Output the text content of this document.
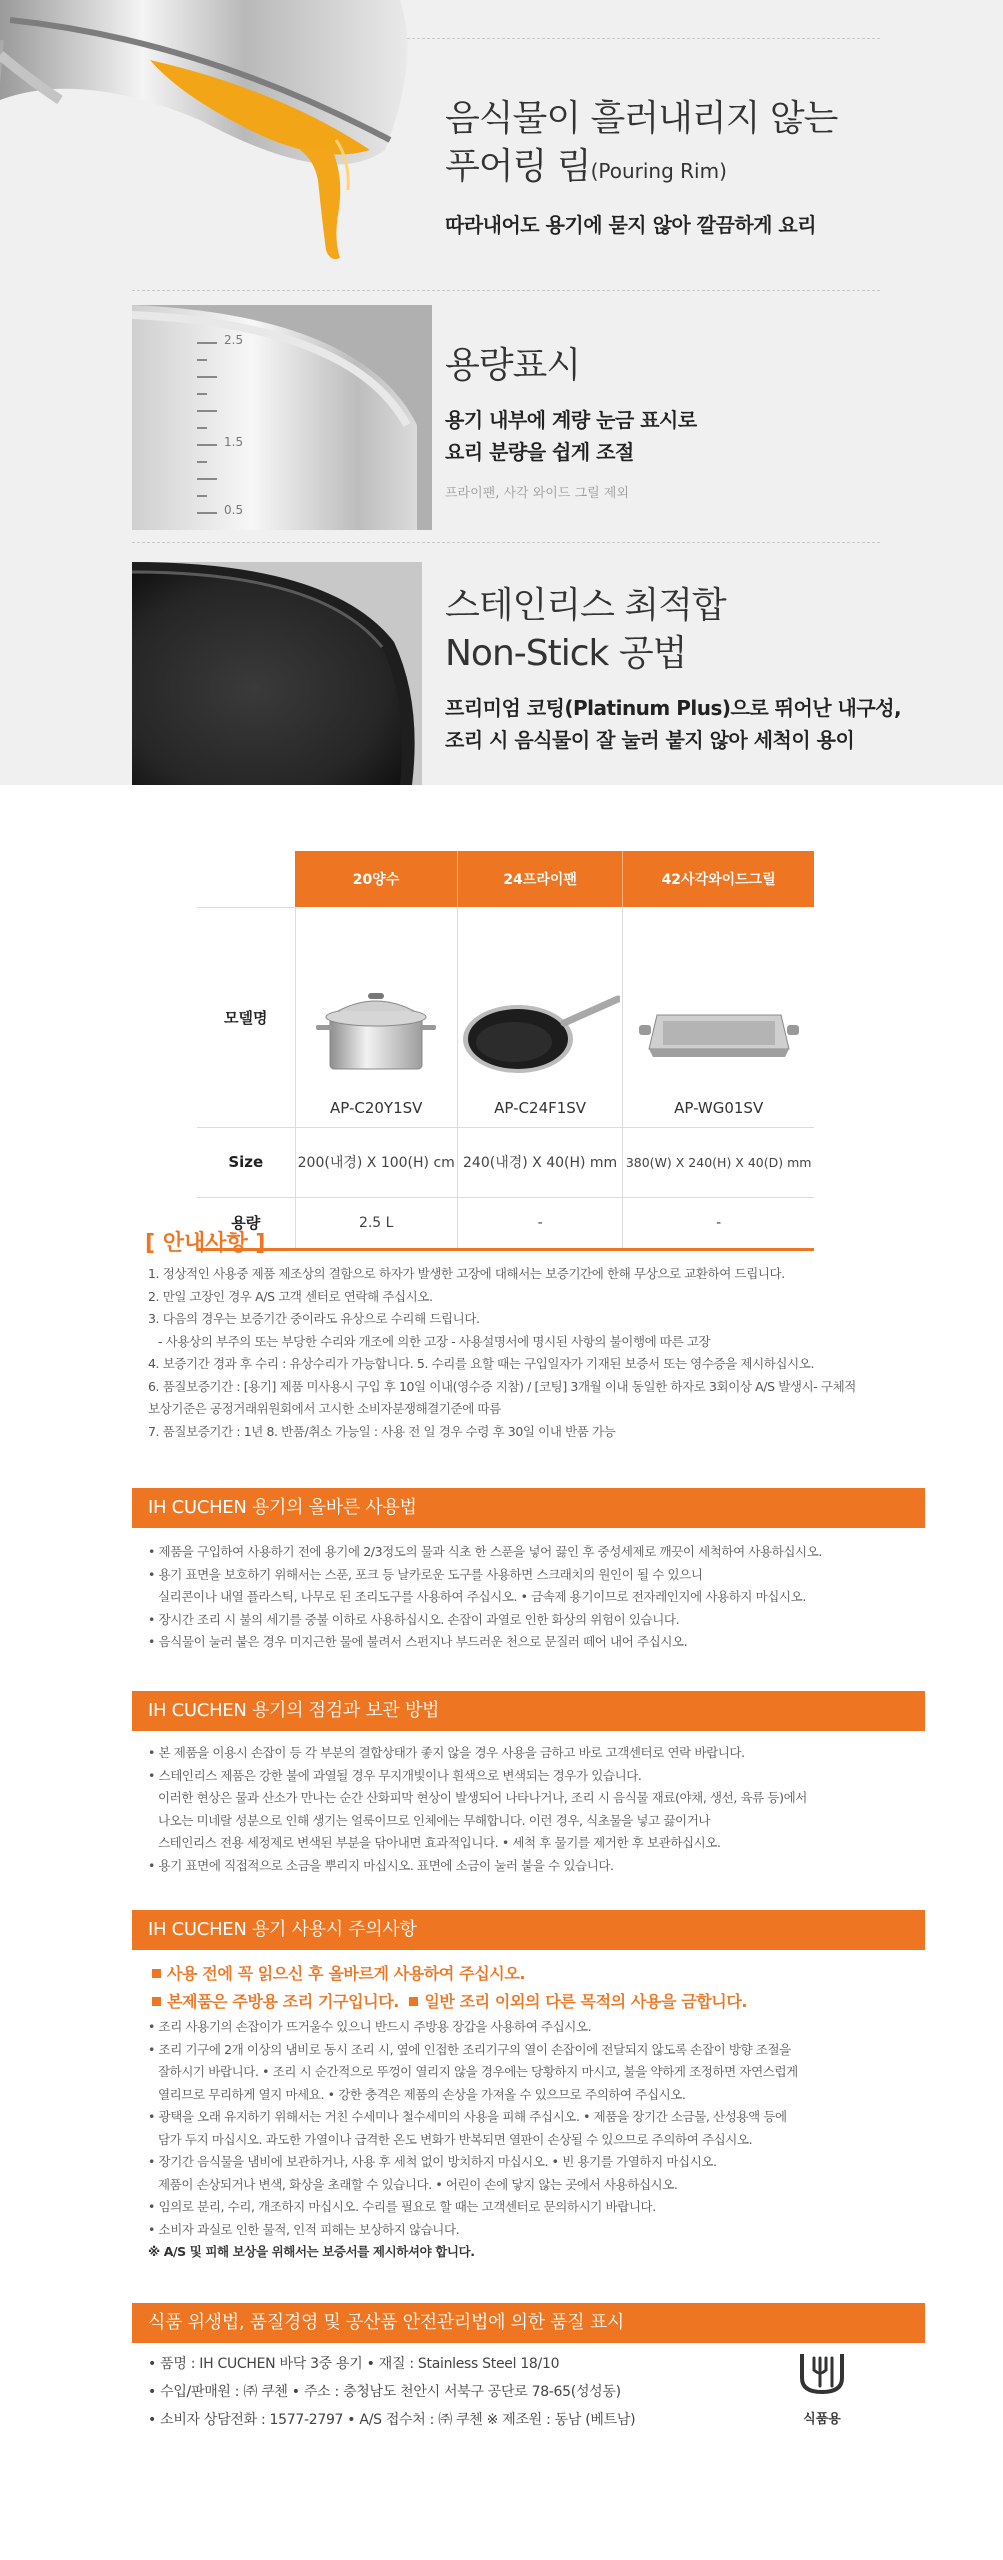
음식물이 흘러내리지 않는
푸어링 림(Pouring Rim)
따라내어도 용기에 묻지 않아 깔끔하게 요리
2.5
1.5
0.5
용량표시
용기 내부에 계량 눈금 표시로
요리 분량을 쉽게 조절
프라이팬, 사각 와이드 그릴 제외
스테인리스 최적합
Non-Stick 공법
프리미엄 코팅(Platinum Plus)으로 뛰어난 내구성,
조리 시 음식물이 잘 눌러 붙지 않아 세척이 용이
	20양수	24프라이팬	42사각와이드그릴
모델명	AP-C20Y1SV	AP-C24F1SV	AP-WG01SV

Size	200(내경) X 100(H) cm	240(내경) X 40(H) mm	380(W) X 240(H) X 40(D) mm
용량	2.5 L	-	-
[ 안내사항 ]
1. 정상적인 사용중 제품 제조상의 결함으로 하자가 발생한 고장에 대해서는 보증기간에 한해 무상으로 교환하여 드립니다.
2. 만일 고장인 경우 A/S 고객 센터로 연락해 주십시오.
3. 다음의 경우는 보증기간 중이라도 유상으로 수리해 드립니다.
- 사용상의 부주의 또는 부당한 수리와 개조에 의한 고장 - 사용설명서에 명시된 사항의 불이행에 따른 고장
4. 보증기간 경과 후 수리 : 유상수리가 가능합니다. 5. 수리를 요할 때는 구입일자가 기재된 보증서 또는 영수증을 제시하십시오.
6. 품질보증기간 : [용기] 제품 미사용시 구입 후 10일 이내(영수증 지참) / [코팅] 3개월 이내 동일한 하자로 3회이상 A/S 발생시- 구체적
보상기준은 공정거래위원회에서 고시한 소비자분쟁해결기준에 따름
7. 품질보증기간 : 1년 8. 반품/취소 가능일 : 사용 전 일 경우 수령 후 30일 이내 반품 가능
IH CUCHEN 용기의 올바른 사용법
• 제품을 구입하여 사용하기 전에 용기에 2/3정도의 물과 식초 한 스푼을 넣어 끓인 후 중성세제로 깨끗이 세척하여 사용하십시오.
• 용기 표면을 보호하기 위해서는 스푼, 포크 등 날카로운 도구를 사용하면 스크래치의 원인이 될 수 있으니
실리콘이나 내열 플라스틱, 나무로 된 조리도구를 사용하여 주십시오. • 금속제 용기이므로 전자레인지에 사용하지 마십시오.
• 장시간 조리 시 불의 세기를 중불 이하로 사용하십시오. 손잡이 과열로 인한 화상의 위험이 있습니다.
• 음식물이 눌러 붙은 경우 미지근한 물에 불려서 스펀지나 부드러운 천으로 문질러 떼어 내어 주십시오.
IH CUCHEN 용기의 점검과 보관 방법
• 본 제품을 이용시 손잡이 등 각 부분의 결합상태가 좋지 않을 경우 사용을 금하고 바로 고객센터로 연락 바랍니다.
• 스테인리스 제품은 강한 불에 과열될 경우 무지개빛이나 흰색으로 변색되는 경우가 있습니다.
이러한 현상은 물과 산소가 만나는 순간 산화피막 현상이 발생되어 나타나거나, 조리 시 음식물 재료(야채, 생선, 육류 등)에서
나오는 미네랄 성분으로 인해 생기는 얼룩이므로 인체에는 무해합니다. 이런 경우, 식초물을 넣고 끓이거나
스테인리스 전용 세정제로 변색된 부분을 닦아내면 효과적입니다. • 세척 후 물기를 제거한 후 보관하십시오.
• 용기 표면에 직접적으로 소금을 뿌리지 마십시오. 표면에 소금이 눌러 붙을 수 있습니다.
IH CUCHEN 용기 사용시 주의사항
사용 전에 꼭 읽으신 후 올바르게 사용하여 주십시오.
본제품은 주방용 조리 기구입니다. 일반 조리 이외의 다른 목적의 사용을 금합니다.
• 조리 사용기의 손잡이가 뜨거울수 있으니 반드시 주방용 장갑을 사용하여 주십시오.
• 조리 기구에 2개 이상의 냄비로 동시 조리 시, 옆에 인접한 조리기구의 열이 손잡이에 전달되지 않도록 손잡이 방향 조절을
잘하시기 바랍니다. • 조리 시 순간적으로 뚜껑이 열리지 않을 경우에는 당황하지 마시고, 불을 약하게 조정하면 자연스럽게
열리므로 무리하게 열지 마세요. • 강한 충격은 제품의 손상을 가져올 수 있으므로 주의하여 주십시오.
• 광택을 오래 유지하기 위해서는 거친 수세미나 철수세미의 사용을 피해 주십시오. • 제품을 장기간 소금물, 산성용액 등에
담가 두지 마십시오. 과도한 가열이나 급격한 온도 변화가 반복되면 열판이 손상될 수 있으므로 주의하여 주십시오.
• 장기간 음식물을 냄비에 보관하거나, 사용 후 세척 없이 방치하지 마십시오. • 빈 용기를 가열하지 마십시오.
제품이 손상되거나 변색, 화상을 초래할 수 있습니다. • 어린이 손에 닿지 않는 곳에서 사용하십시오.
• 임의로 분리, 수리, 개조하지 마십시오. 수리를 필요로 할 때는 고객센터로 문의하시기 바랍니다.
• 소비자 과실로 인한 물적, 인적 피해는 보상하지 않습니다.
※ A/S 및 피해 보상을 위해서는 보증서를 제시하셔야 합니다.
식품 위생법, 품질경영 및 공산품 안전관리법에 의한 품질 표시
• 품명 : IH CUCHEN 바닥 3중 용기 • 재질 : Stainless Steel 18/10
• 수입/판매원 : ㈜ 쿠첸 • 주소 : 충청남도 천안시 서북구 공단로 78-65(성성동)
• 소비자 상담전화 : 1577-2797 • A/S 접수처 : ㈜ 쿠첸 ※ 제조원 : 동남 (베트남)	식품용
